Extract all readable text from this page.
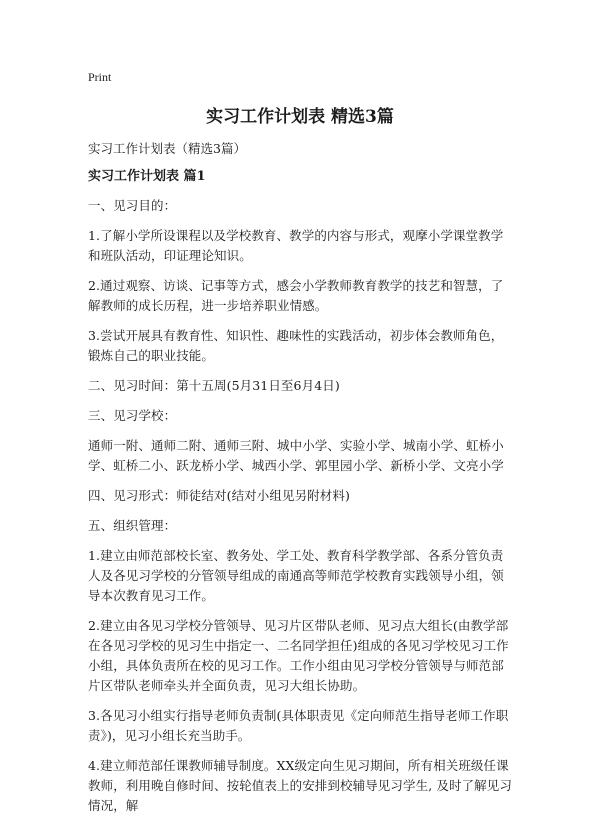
Print
实习工作计划表 精选3篇
实习工作计划表（精选3篇）
实习工作计划表 篇1
一、见习目的：
1.了解小学所设课程以及学校教育、教学的内容与形式，观摩小学课堂教学和班队活动，印证理论知识。
2.通过观察、访谈、记事等方式，感会小学教师教育教学的技艺和智慧，了解教师的成长历程，进一步培养职业情感。
3.尝试开展具有教育性、知识性、趣味性的实践活动，初步体会教师角色，锻炼自己的职业技能。
二、见习时间：第十五周(5月31日至6月4日)
三、见习学校：
通师一附、通师二附、通师三附、城中小学、实验小学、城南小学、虹桥小学、虹桥二小、跃龙桥小学、城西小学、郭里园小学、新桥小学、文亮小学
四、见习形式：师徒结对(结对小组见另附材料)
五、组织管理：
1.建立由师范部校长室、教务处、学工处、教育科学教学部、各系分管负责人及各见习学校的分管领导组成的南通高等师范学校教育实践领导小组，领导本次教育见习工作。
2.建立由各见习学校分管领导、见习片区带队老师、见习点大组长(由教学部在各见习学校的见习生中指定一、二名同学担任)组成的各见习学校见习工作小组，具体负责所在校的见习工作。工作小组由见习学校分管领导与师范部片区带队老师牵头并全面负责，见习大组长协助。
3.各见习小组实行指导老师负责制(具体职责见《定向师范生指导老师工作职责》)，见习小组长充当助手。
4.建立师范部任课教师辅导制度。XX级定向生见习期间，所有相关班级任课教师，利用晚自修时间、按轮值表上的安排到校辅导见习学生, 及时了解见习情况，解
